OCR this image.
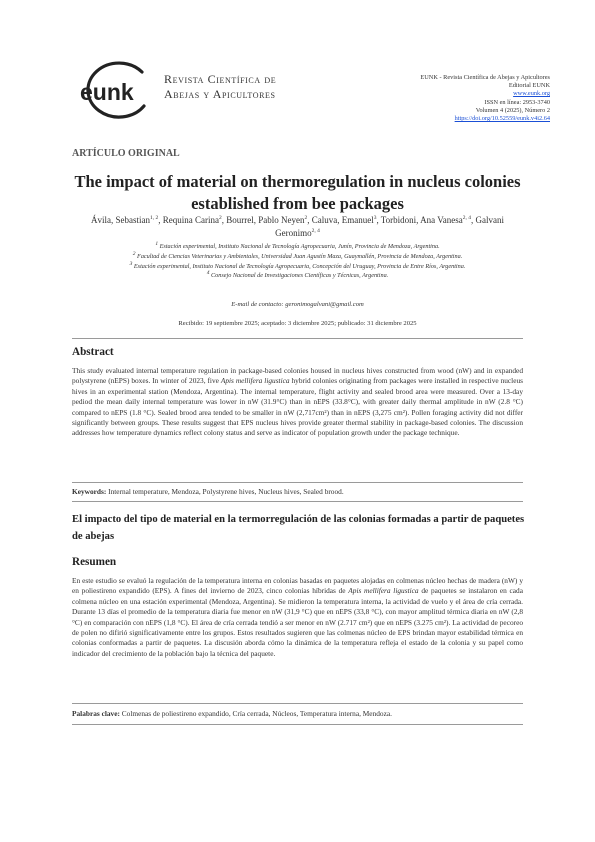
eunk	Revista Científica de
Abejas y Apicultores
EUNK - Revista Científica de Abejas y Apicultores
Editorial EUNK
www.eunk.org
ISSN en línea: 2953-3740
Volumen 4 (2025), Número 2
https://doi.org/10.52559/eunk.v4i2.64
ARTÍCULO ORIGINAL
The impact of material on thermoregulation in nucleus colonies established from bee packages
Ávila, Sebastian$^{1, 2}$, Requina Carina$^2$, Bourrel, Pablo Neyen$^2$, Caluva, Emanuel$^3$, Torbidoni, Ana Vanesa$^{2, 4}$, Galvani Geronimo$^{2, 4}$
$^1$ Estación experimental, Instituto Nacional de Tecnología Agropecuaria, Junín, Provincia de Mendoza, Argentina.
$^2$ Facultad de Ciencias Veterinarias y Ambientales, Universidad Juan Agustín Maza, Guaymallén, Provincia de Mendoza, Argentina.
$^3$ Estación experimental, Instituto Nacional de Tecnología Agropecuaria, Concepción del Uruguay, Provincia de Entre Ríos, Argentina.
$^4$ Consejo Nacional de Investigaciones Científicas y Técnicas, Argentina.
E-mail de contacto: geronimogalvani@gmail.com
Recibido: 19 septiembre 2025; aceptado: 3 diciembre 2025; publicado: 31 diciembre 2025
Abstract
This study evaluated internal temperature regulation in package-based colonies housed in nucleus hives constructed from wood (nW) and in expanded polystyrene (nEPS) boxes. In winter of 2023, five Apis mellifera ligustica hybrid colonies originating from packages were installed in respective nucleus hives in an experimental station (Mendoza, Argentina). The internal temperature, flight activity and sealed brood area were measured. Over a 13-day pediod the mean daily internal temperature was lower in nW (31.9°C) than in nEPS (33.8°C), with greater daily thermal amplitude in nW (2.8 °C) compared to nEPS (1.8 °C). Sealed brood area tended to be smaller in nW (2,717cm²) than in nEPS (3,275 cm²). Pollen foraging activity did not differ significantly between groups. These results suggest that EPS nucleus hives provide greater thermal stability in package-based colonies. The discussion addresses how temperature dynamics reflect colony status and serve as indicator of population growth under the package technique.
Keywords: Internal temperature, Mendoza, Polystyrene hives, Nucleus hives, Sealed brood.
El impacto del tipo de material en la termorregulación de las colonias formadas a partir de paquetes de abejas
Resumen
En este estudio se evaluó la regulación de la temperatura interna en colonias basadas en paquetes alojadas en colmenas núcleo hechas de madera (nW) y en poliestireno expandido (EPS). A fines del invierno de 2023, cinco colonias híbridas de Apis mellifera ligustica de paquetes se instalaron en cada colmena núcleo en una estación experimental (Mendoza, Argentina). Se midieron la temperatura interna, la actividad de vuelo y el área de cría cerrada. Durante 13 días el promedio de la temperatura diaria fue menor en nW (31,9 °C) que en nEPS (33,8 °C), con mayor amplitud térmica diaria en nW (2,8 °C) en comparación con nEPS (1,8 °C). El área de cría cerrada tendió a ser menor en nW (2.717 cm²) que en nEPS (3.275 cm²). La actividad de pecoreo de polen no difirió significativamente entre los grupos. Estos resultados sugieren que las colmenas núcleo de EPS brindan mayor estabilidad térmica en colonias conformadas a partir de paquetes. La discusión aborda cómo la dinámica de la temperatura refleja el estado de la colonia y su papel como indicador del crecimiento de la población bajo la técnica del paquete.
Palabras clave: Colmenas de poliestireno expandido, Cría cerrada, Núcleos, Temperatura interna, Mendoza.
